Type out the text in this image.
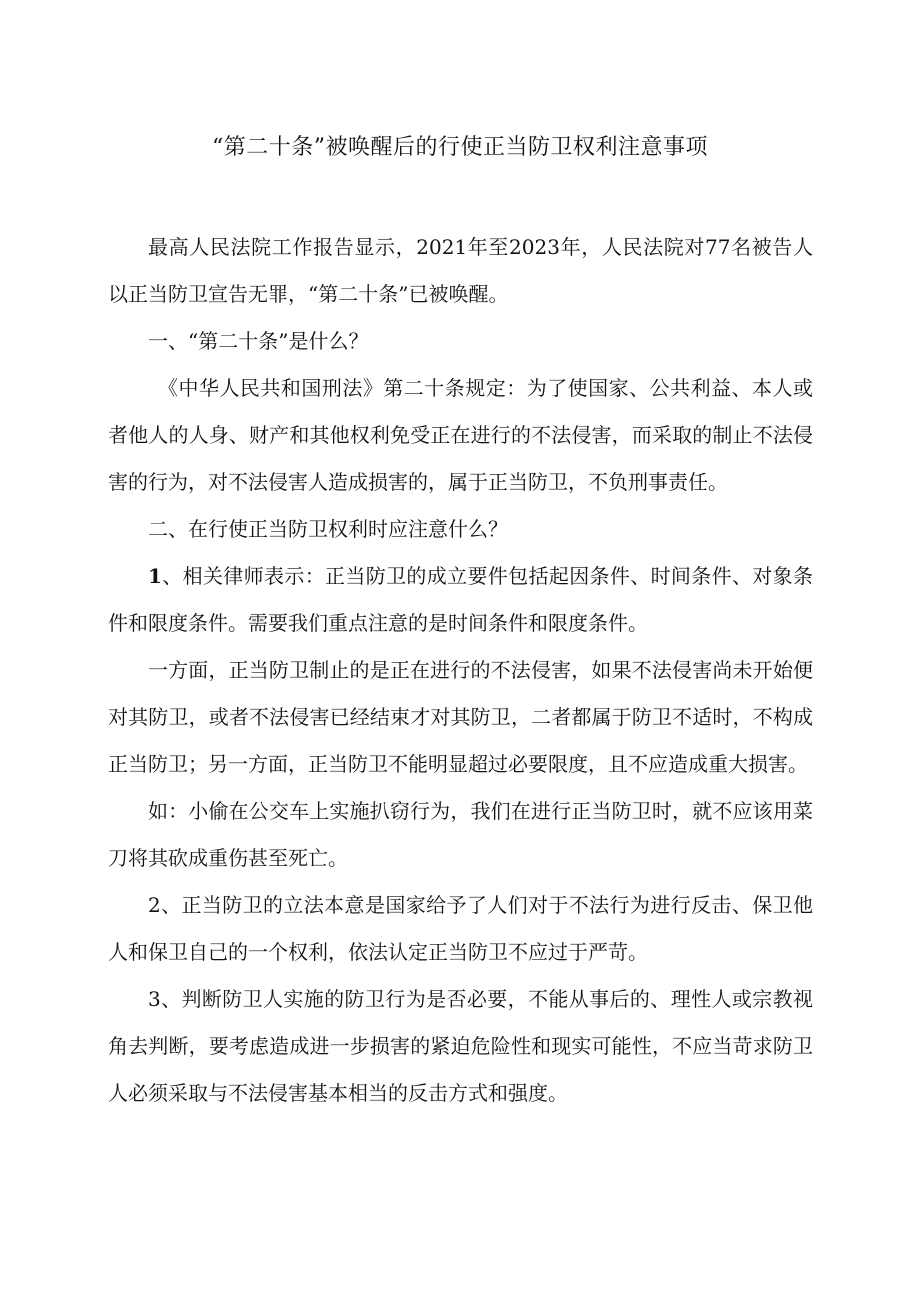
“第二十条”被唤醒后的行使正当防卫权利注意事项

最高人民法院工作报告显示，2021年至2023年，人民法院对77名被告人以正当防卫宣告无罪，“第二十条”已被唤醒。

一、“第二十条”是什么？

《中华人民共和国刑法》第二十条规定：为了使国家、公共利益、本人或者他人的人身、财产和其他权利免受正在进行的不法侵害，而采取的制止不法侵害的行为，对不法侵害人造成损害的，属于正当防卫，不负刑事责任。

二、在行使正当防卫权利时应注意什么？

1、相关律师表示：正当防卫的成立要件包括起因条件、时间条件、对象条件和限度条件。需要我们重点注意的是时间条件和限度条件。

一方面，正当防卫制止的是正在进行的不法侵害，如果不法侵害尚未开始便对其防卫，或者不法侵害已经结束才对其防卫，二者都属于防卫不适时，不构成正当防卫；另一方面，正当防卫不能明显超过必要限度，且不应造成重大损害。

如：小偷在公交车上实施扒窃行为，我们在进行正当防卫时，就不应该用菜刀将其砍成重伤甚至死亡。

2、正当防卫的立法本意是国家给予了人们对于不法行为进行反击、保卫他人和保卫自己的一个权利，依法认定正当防卫不应过于严苛。

3、判断防卫人实施的防卫行为是否必要，不能从事后的、理性人或宗教视角去判断，要考虑造成进一步损害的紧迫危险性和现实可能性，不应当苛求防卫人必须采取与不法侵害基本相当的反击方式和强度。
